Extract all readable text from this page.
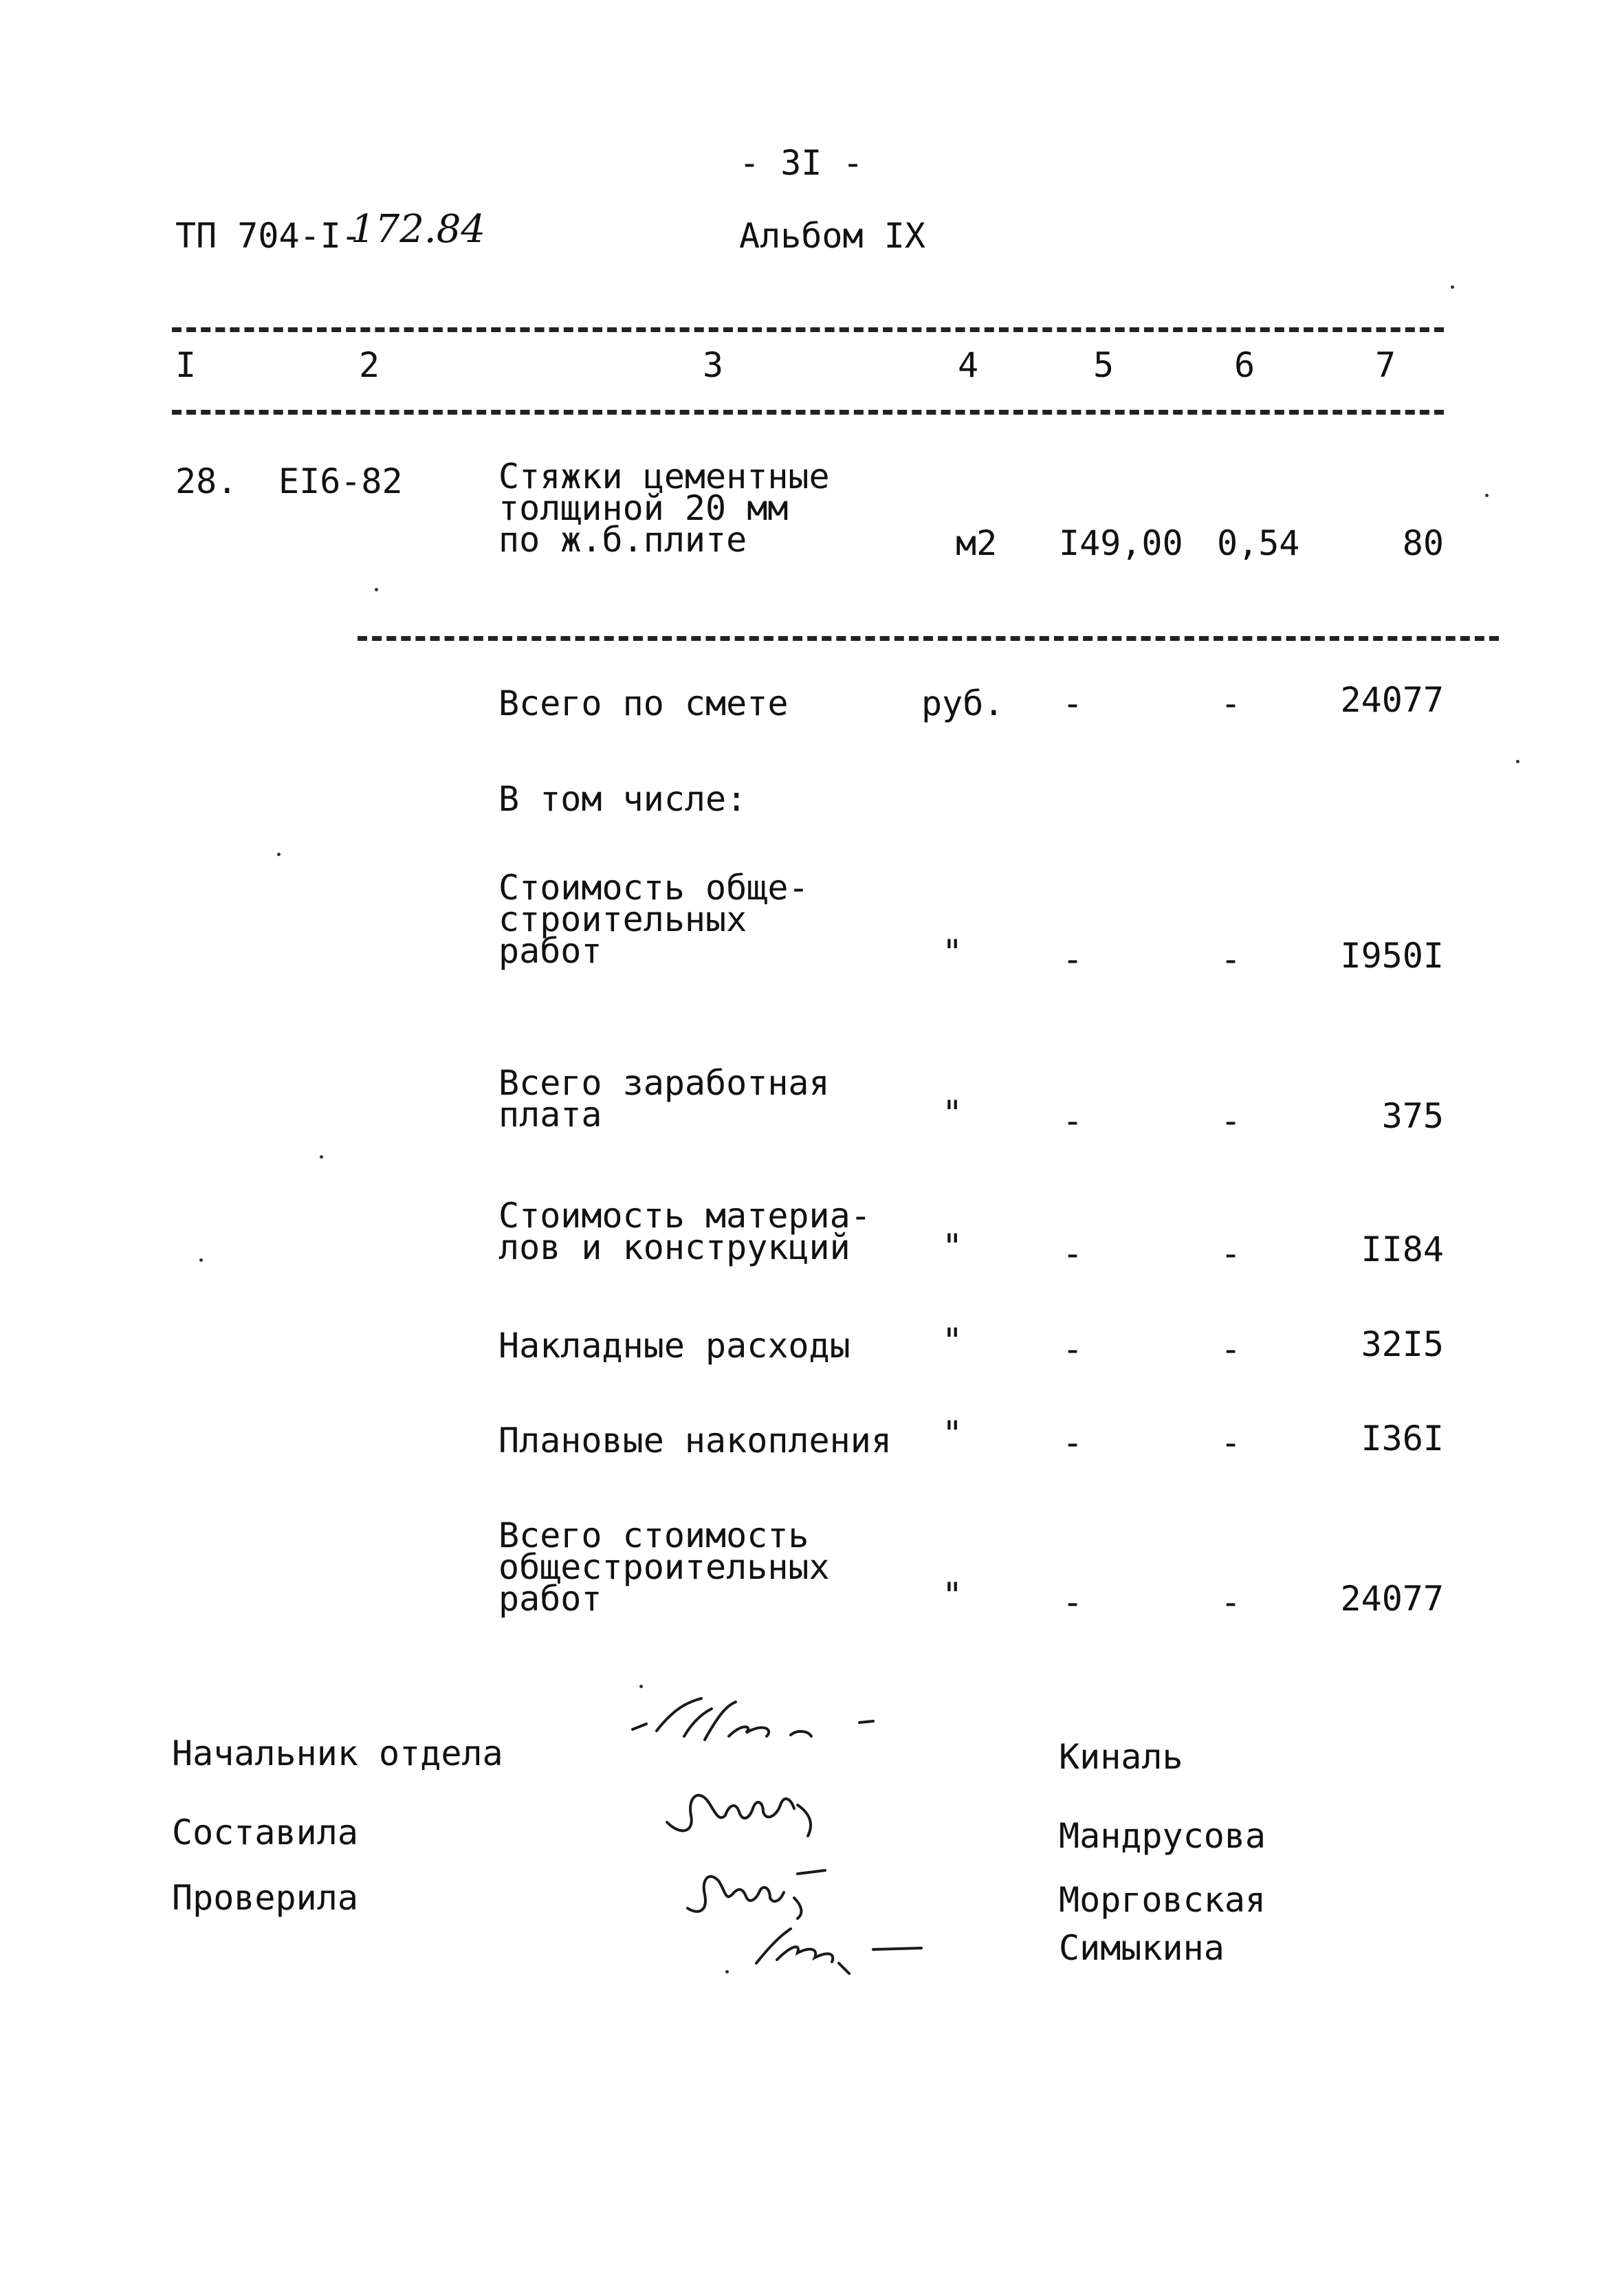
- 3I -
ТП 704-I-
172.84	Альбом IX
I	2	3	4	5	6	7
28. EI6-82	Стяжки цементные
толщиной 20 мм
по ж.б.плите	м2 I49,00 0,54	80
Всего по смете	руб. -	-	24077
В том числе:
Стоимость обще-
строительных
работ	"	-	-	I950I
Всего заработная
плата	"	-	-	375
Стоимость материа-
лов и конструкций	"	-	-	II84
Накладные расходы	"	-	-	32I5
Плановые накопления "	-	-	I36I
Всего стоимость
общестроительных
работ	"	-	-	24077
Начальник отдела
Составила
Проверила
Киналь
Мандрусова
Морговская
Симыкина
